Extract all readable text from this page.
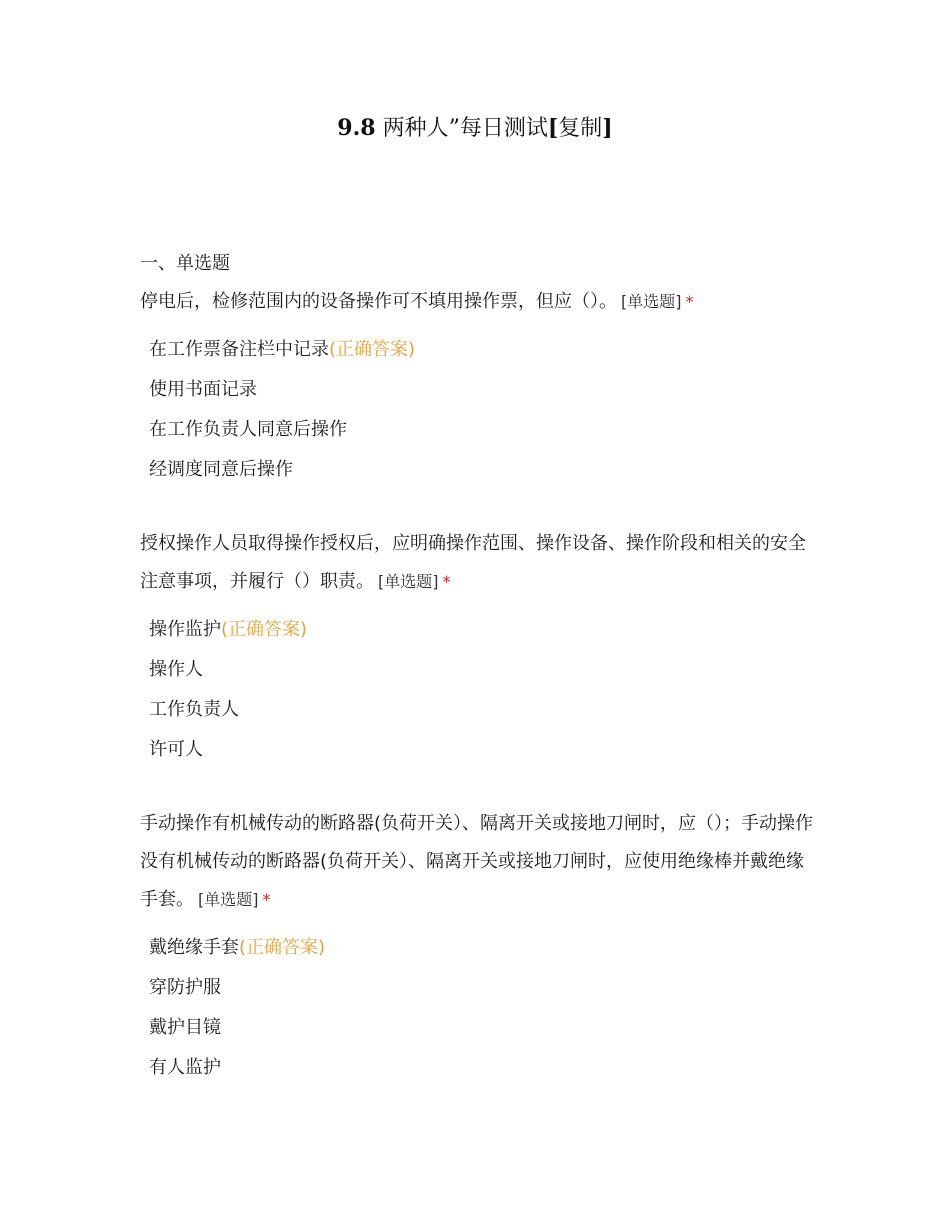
9.8 两种人”每日测试[复制]
一、单选题

停电后，检修范围内的设备操作可不填用操作票，但应（）。 [单选题] *

在工作票备注栏中记录(正确答案)
使用书面记录
在工作负责人同意后操作
经调度同意后操作

授权操作人员取得操作授权后，应明确操作范围、操作设备、操作阶段和相关的安全注意事项，并履行（）职责。 [单选题] *

操作监护(正确答案)
操作人
工作负责人
许可人

手动操作有机械传动的断路器(负荷开关）、隔离开关或接地刀闸时，应（）；手动操作没有机械传动的断路器(负荷开关）、隔离开关或接地刀闸时，应使用绝缘棒并戴绝缘手套。 [单选题] *

戴绝缘手套(正确答案)
穿防护服
戴护目镜
有人监护
